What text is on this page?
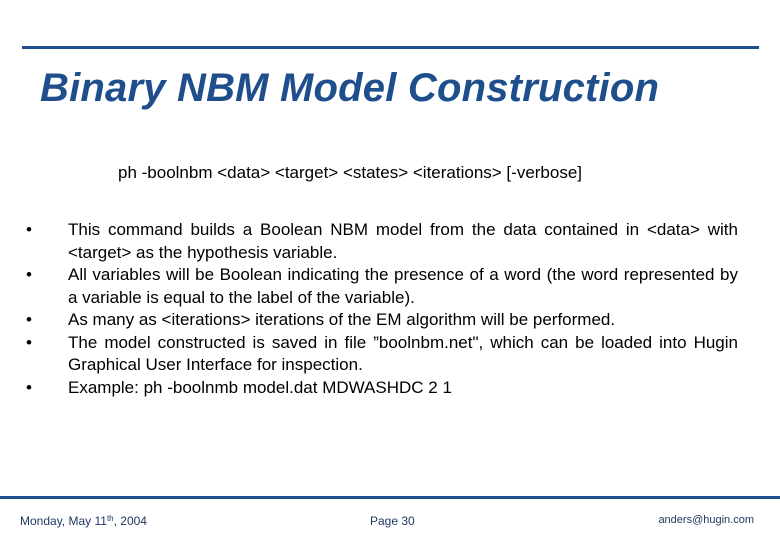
Binary NBM Model Construction
ph -boolnbm <data> <target> <states> <iterations> [-verbose]
•	This command builds a Boolean NBM model from the data contained in <data> with <target> as the hypothesis variable.
•	All variables will be Boolean indicating the presence of a word (the word represented by a variable is equal to the label of the variable).
•	As many as <iterations> iterations of the EM algorithm will be performed.
•	The model constructed is saved in file ”boolnbm.net", which can be loaded into Hugin Graphical User Interface for inspection.
•	Example: ph -boolnmb model.dat MDWASHDC 2 1
Monday, May 11th, 2004	Page 30	anders@hugin.com
